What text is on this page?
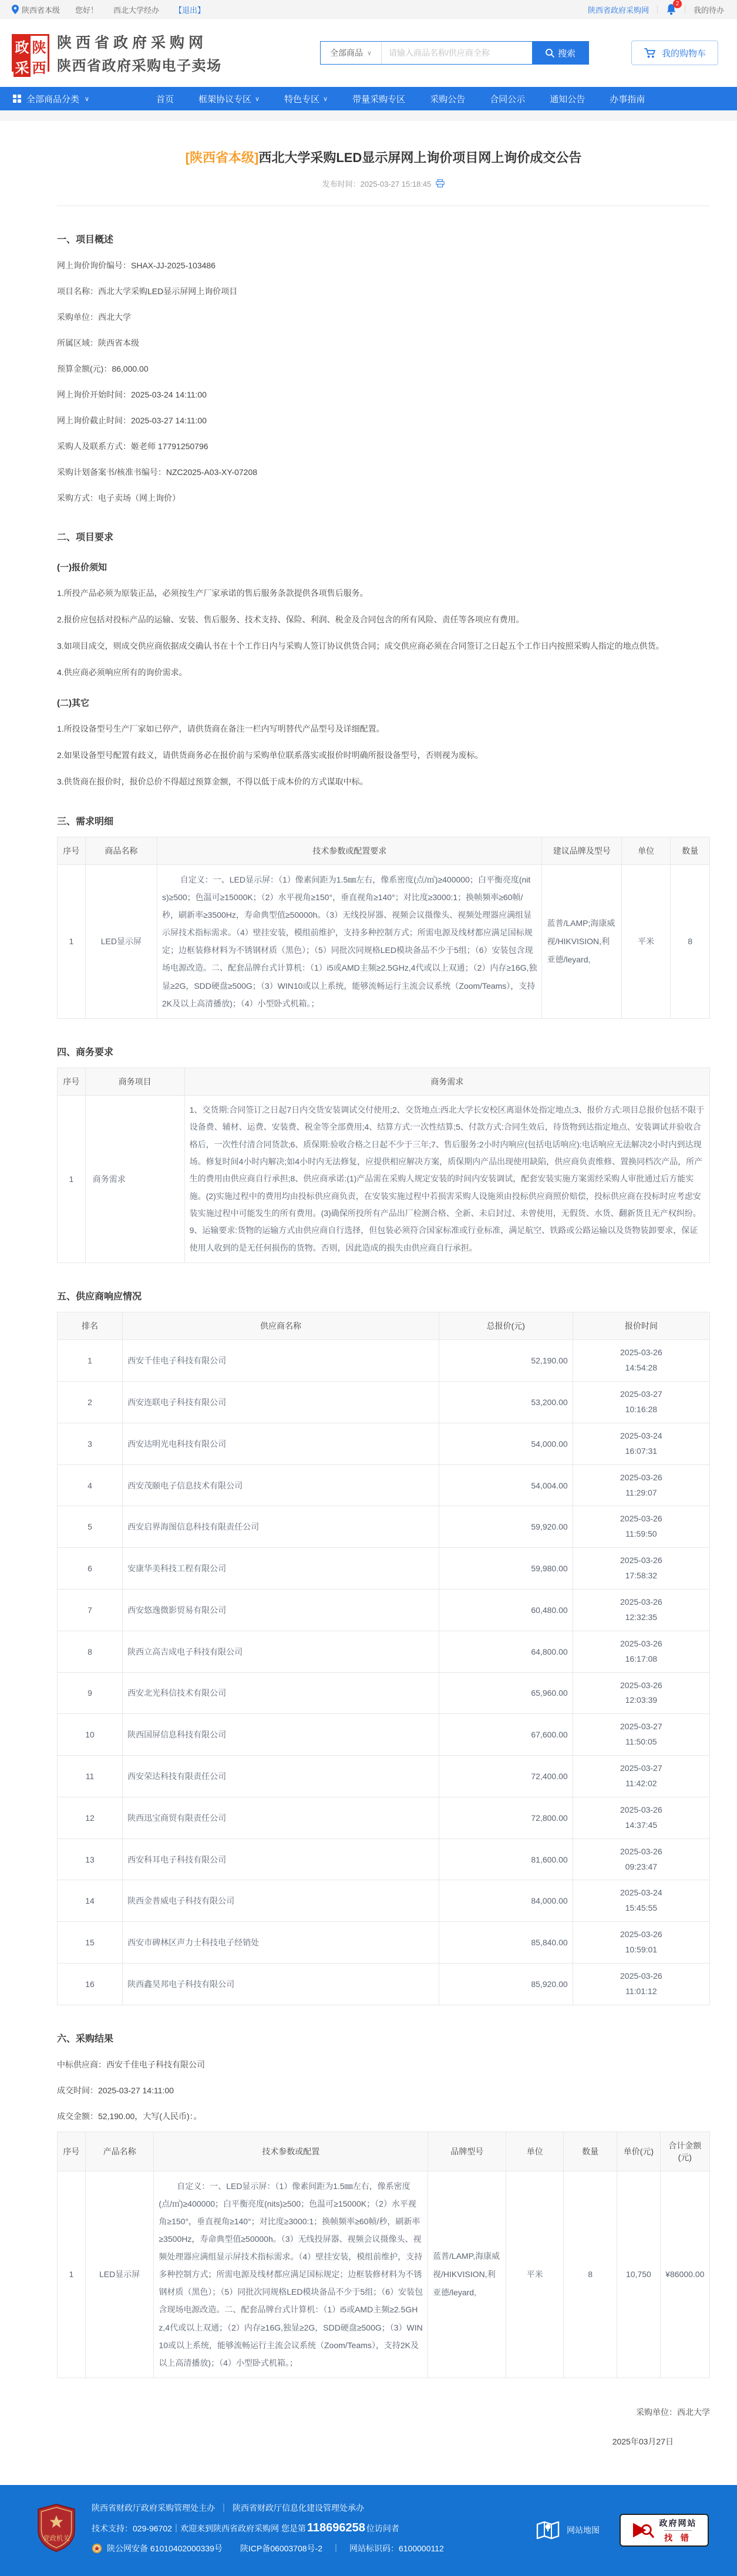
陕西省本级 您好！ 西北大学经办 【退出】	陕西省政府采购网
2
我的待办
政 陕
采 西
陕西省政府采购网
陕西省政府采购电子卖场
全部商品 ∨
请输入商品名称/供应商全称	搜索	我的购物车
全部商品分类 ∨	首页	框架协议专区 ∨	特色专区 ∨	带量采购专区	采购公告	合同公示	通知公告	办事指南
[陕西省本级]西北大学采购LED显示屏网上询价项目网上询价成交公告
发布时间：2025-03-27 15:18:45
一、项目概述

网上询价询价编号：SHAX-JJ-2025-103486

项目名称：西北大学采购LED显示屏网上询价项目

采购单位：西北大学

所属区域：陕西省本级

预算金额(元)：86,000.00

网上询价开始时间：2025-03-24 14:11:00

网上询价截止时间：2025-03-27 14:11:00

采购人及联系方式：姬老师 17791250796

采购计划备案书/核准书编号：NZC2025-A03-XY-07208

采购方式：电子卖场（网上询价）

二、项目要求
(一)报价须知

1.所投产品必须为原装正品，必须按生产厂家承诺的售后服务条款提供各项售后服务。

2.报价应包括对投标产品的运输、安装、售后服务、技术支持、保险、利润、税金及合同包含的所有风险、责任等各项应有费用。

3.如项目成交，则成交供应商依据成交确认书在十个工作日内与采购人签订协议供货合同；成交供应商必须在合同签订之日起五个工作日内按照采购人指定的地点供货。

4.供应商必须响应所有的询价需求。

(二)其它

1.所投设备型号生产厂家如已停产，请供货商在备注一栏内写明替代产品型号及详细配置。

2.如果设备型号配置有歧义，请供货商务必在报价前与采购单位联系落实或报价时明确所报设备型号，否则视为废标。

3.供货商在报价时，报价总价不得超过预算金额，不得以低于成本价的方式谋取中标。

三、需求明细
序号	商品名称	技术参数或配置要求	建议品牌及型号	单位	数量
1	LED显示屏	自定义：一、LED显示屏：（1）像素间距为1.5㎜左右，像系密度(点/㎡)≥400000；白平衡亮度(nits)≥500；色温可≥15000K；（2）水平视角≥150°，垂直视角≥140°；对比度≥3000:1；换帧频率≥60帧/秒，刷新率≥3500Hz，寿命典型值≥50000h。（3）无线投屏器、视频会议摄像头、视频处理器应满组显示屏技术指标需求。（4）壁挂安装，模组前维护，支持多种控制方式；所需电源及线材都应满足国标规定；边框装修材料为不锈钢材质（黑色）；（5）同批次同规格LED模块备品不少于5组；（6）安装包含现场电源改造。二、配套品牌台式计算机：（1）i5或AMD主频≥2.5GHz,4代或以上双通；（2）内存≥16G,独显≥2G，SDD硬盘≥500G；（3）WIN10或以上系统，能够流畅运行主流会议系统（Zoom/Teams），支持2K及以上高清播放)；（4）小型卧式机箱。；	蓝普/LAMP;海康威视/HIKVISION,利亚德/leyard,	平米	8
四、商务要求
序号	商务项目	商务需求
1	商务需求	1、交货期:合同签订之日起7日内交货安装调试交付使用;2、交货地点:西北大学长安校区离退休处指定地点;3、报价方式:项目总报价包括不限于设备费、辅材、运费、安装费、税金等全部费用;4、结算方式:一次性结算;5、付款方式:合同生效后，待货物到达指定地点、安装调试并验收合格后，一次性付清合同货款;6、质保期:验收合格之日起不少于三年;7、售后服务:2小时内响应(包括电话响应):电话响应无法解决2小时内到达现场。修复时间4小时内解决;如4小时内无法修复，应提供相应解决方案，质保期内产品出现使用缺陷，供应商负责维修、置换同档次产品，所产生的费用由供应商自行承担;8、供应商承诺:(1)产品需在采购人规定安装的时间内安装调试，配套安装实施方案需经采购人审批通过后方能实施。(2)实施过程中的费用均由投标供应商负责，在安装实施过程中若损害采购人设施须由投标供应商照价赔偿，投标供应商在投标时应考虑安装实施过程中可能发生的所有费用。(3)确保所投所有产品出厂检测合格、全新、未启封过、未曾使用，无假货、水货、翻新货且无产权纠纷。9、运输要求:货物的运输方式由供应商自行选择，但包装必须符合国家标准或行业标准，满足航空、铁路或公路运输以及货物装卸要求，保证使用人收到的是无任何损伤的货物。否则，因此造成的损失由供应商自行承担。
五、供应商响应情况
排名	供应商名称	总报价(元)	报价时间
1	西安千佳电子科技有限公司	52,190.00	2025-03-26
14:54:28

2	西安连联电子科技有限公司	53,200.00	2025-03-27
10:16:28

3	西安达明光电科技有限公司	54,000.00	2025-03-24
16:07:31

4	西安茂颐电子信息技术有限公司	54,004.00	2025-03-26
11:29:07

5	西安启界海图信息科技有限责任公司	59,920.00	2025-03-26
11:59:50

6	安康华美科技工程有限公司	59,980.00	2025-03-26
17:58:32

7	西安悠逸微影贸易有限公司	60,480.00	2025-03-26
12:32:35

8	陕西立高吉成电子科技有限公司	64,800.00	2025-03-26
16:17:08

9	西安北光科信技术有限公司	65,960.00	2025-03-26
12:03:39

10	陕西国屏信息科技有限公司	67,600.00	2025-03-27
11:50:05

11	西安荣达科技有限责任公司	72,400.00	2025-03-27
11:42:02

12	陕西迅宝商贸有限责任公司	72,800.00	2025-03-26
14:37:45

13	西安科耳电子科技有限公司	81,600.00	2025-03-26
09:23:47

14	陕西金普威电子科技有限公司	84,000.00	2025-03-24
15:45:55

15	西安市碑林区声力士科技电子经销处	85,840.00	2025-03-26
10:59:01

16	陕西鑫昊邦电子科技有限公司	85,920.00	2025-03-26
11:01:12
六、采购结果

中标供应商：西安千佳电子科技有限公司

成交时间：2025-03-27 14:11:00

成交金额：52,190.00，大写(人民币)：。

序号	产品名称	技术参数或配置	品牌型号	单位	数量	单价(元)	合计金额(元)
1	LED显示屏	自定义：一、LED显示屏：（1）像素间距为1.5㎜左右，像系密度(点/㎡)≥400000；白平衡亮度(nits)≥500；色温可≥15000K；（2）水平视角≥150°，垂直视角≥140°；对比度≥3000:1；换帧频率≥60帧/秒，刷新率≥3500Hz，寿命典型值≥50000h。（3）无线投屏器、视频会议摄像头、视频处理器应满组显示屏技术指标需求。（4）壁挂安装，模组前维护，支持多种控制方式；所需电源及线材都应满足国标规定；边框装修材料为不锈钢材质（黑色）；（5）同批次同规格LED模块备品不少于5组；（6）安装包含现场电源改造。二、配套品牌台式计算机：（1）i5或AMD主频≥2.5GHz,4代或以上双通；（2）内存≥16G,独显≥2G，SDD硬盘≥500G；（3）WIN10或以上系统，能够流畅运行主流会议系统（Zoom/Teams），支持2K及以上高清播放)；（4）小型卧式机箱。；	蓝普/LAMP,海康威视/HIKVISION,利亚德/leyard,	平米	8	10,750	¥86000.00
采购单位：西北大学
2025年03月27日
党政机关
陕西省财政厅政府采购管理处主办 ｜ 陕西省财政厅信息化建设管理处承办
技术支持：029-96702｜欢迎来到陕西省政府采购网 您是第 118696258 位访问者
陕公网安备 61010402000339号 陕ICP备06003708号-2 ｜ 网站标识码：6100000112
网站地图
政府网站
找 错
